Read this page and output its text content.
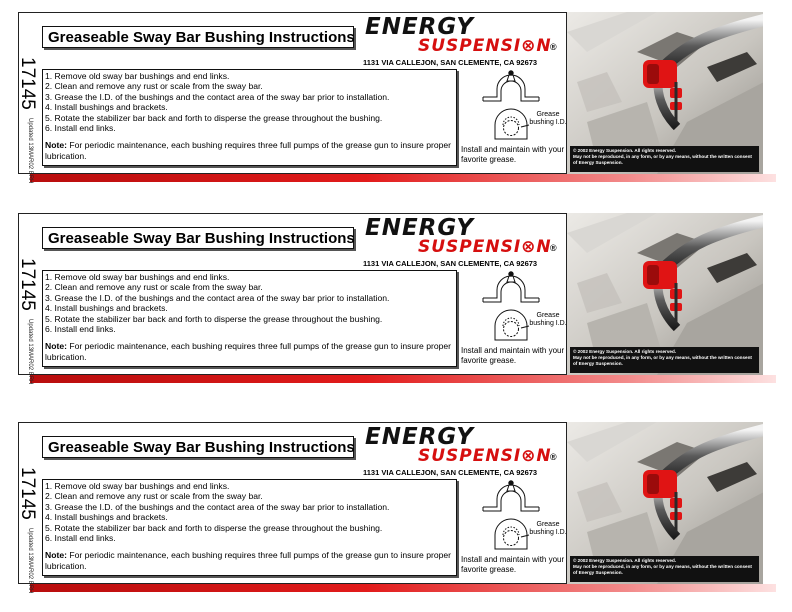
17145
Updated 13MAR02 BRH
Greaseable Sway Bar Bushing Instructions ENERGY
SUSPENSI⊗N
®
1131 VIA CALLEJON, SAN CLEMENTE, CA 92673
1. Remove old sway bar bushings and end links.
2. Clean and remove any rust or scale from the sway bar.
3. Grease the I.D. of the bushings and the contact area of the sway bar prior to installation.
4. Install bushings and brackets.
5. Rotate the stabilizer bar back and forth to disperse the grease throughout the bushing.
6. Install end links.
Note: For periodic maintenance, each bushing requires three full pumps of the grease gun to insure proper lubrication.
Grease bushing I.D.
Install and maintain with your favorite grease.
© 2002 Energy Suspension. All rights reserved.
May not be reproduced, in any form, or by any means, without the written consent of Energy Suspension.
17145
Updated 13MAR02 BRH
Greaseable Sway Bar Bushing Instructions ENERGY
SUSPENSI⊗N
®
1131 VIA CALLEJON, SAN CLEMENTE, CA 92673
1. Remove old sway bar bushings and end links.
2. Clean and remove any rust or scale from the sway bar.
3. Grease the I.D. of the bushings and the contact area of the sway bar prior to installation.
4. Install bushings and brackets.
5. Rotate the stabilizer bar back and forth to disperse the grease throughout the bushing.
6. Install end links.
Note: For periodic maintenance, each bushing requires three full pumps of the grease gun to insure proper lubrication.
Grease bushing I.D.
Install and maintain with your favorite grease.
© 2002 Energy Suspension. All rights reserved.
May not be reproduced, in any form, or by any means, without the written consent of Energy Suspension.
17145
Updated 13MAR02 BRH
Greaseable Sway Bar Bushing Instructions ENERGY
SUSPENSI⊗N
®
1131 VIA CALLEJON, SAN CLEMENTE, CA 92673
1. Remove old sway bar bushings and end links.
2. Clean and remove any rust or scale from the sway bar.
3. Grease the I.D. of the bushings and the contact area of the sway bar prior to installation.
4. Install bushings and brackets.
5. Rotate the stabilizer bar back and forth to disperse the grease throughout the bushing.
6. Install end links.
Note: For periodic maintenance, each bushing requires three full pumps of the grease gun to insure proper lubrication.
Grease bushing I.D.
Install and maintain with your favorite grease.
© 2002 Energy Suspension. All rights reserved.
May not be reproduced, in any form, or by any means, without the written consent of Energy Suspension.
